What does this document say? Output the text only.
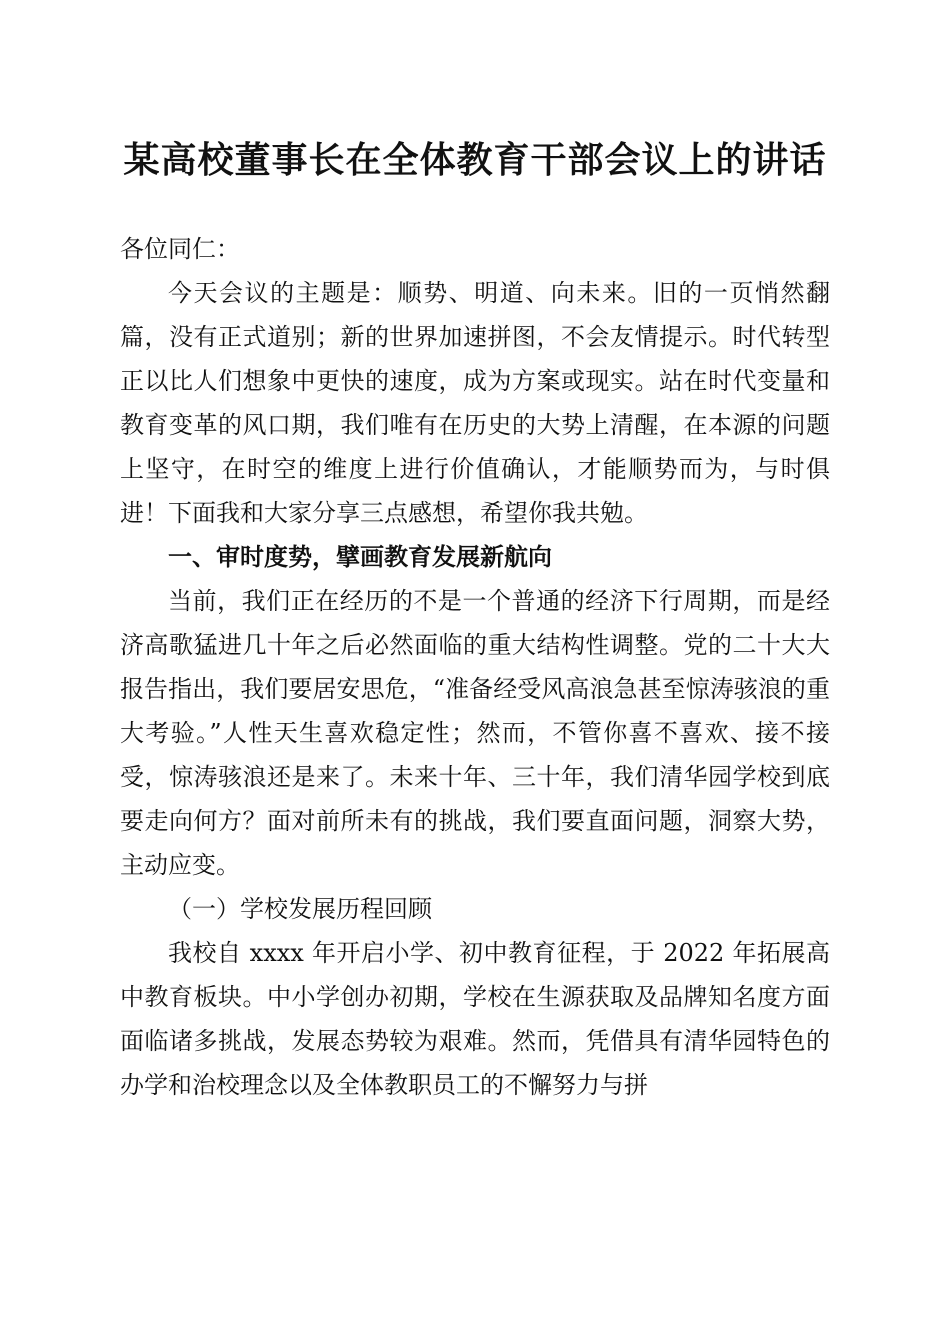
某高校董事长在全体教育干部会议上的讲话

各位同仁：

今天会议的主题是：顺势、明道、向未来。旧的一页悄然翻篇，没有正式道别；新的世界加速拼图，不会友情提示。时代转型正以比人们想象中更快的速度，成为方案或现实。站在时代变量和教育变革的风口期，我们唯有在历史的大势上清醒，在本源的问题上坚守，在时空的维度上进行价值确认，才能顺势而为，与时俱进！下面我和大家分享三点感想，希望你我共勉。

一、审时度势，擘画教育发展新航向

当前，我们正在经历的不是一个普通的经济下行周期，而是经济高歌猛进几十年之后必然面临的重大结构性调整。党的二十大大报告指出，我们要居安思危，“准备经受风高浪急甚至惊涛骇浪的重大考验。”人性天生喜欢稳定性；然而，不管你喜不喜欢、接不接受，惊涛骇浪还是来了。未来十年、三十年，我们清华园学校到底要走向何方？面对前所未有的挑战，我们要直面问题，洞察大势，主动应变。

（一）学校发展历程回顾

我校自 xxxx 年开启小学、初中教育征程，于 2022 年拓展高中教育板块。中小学创办初期，学校在生源获取及品牌知名度方面面临诸多挑战，发展态势较为艰难。然而，凭借具有清华园特色的办学和治校理念以及全体教职员工的不懈努力与拼
